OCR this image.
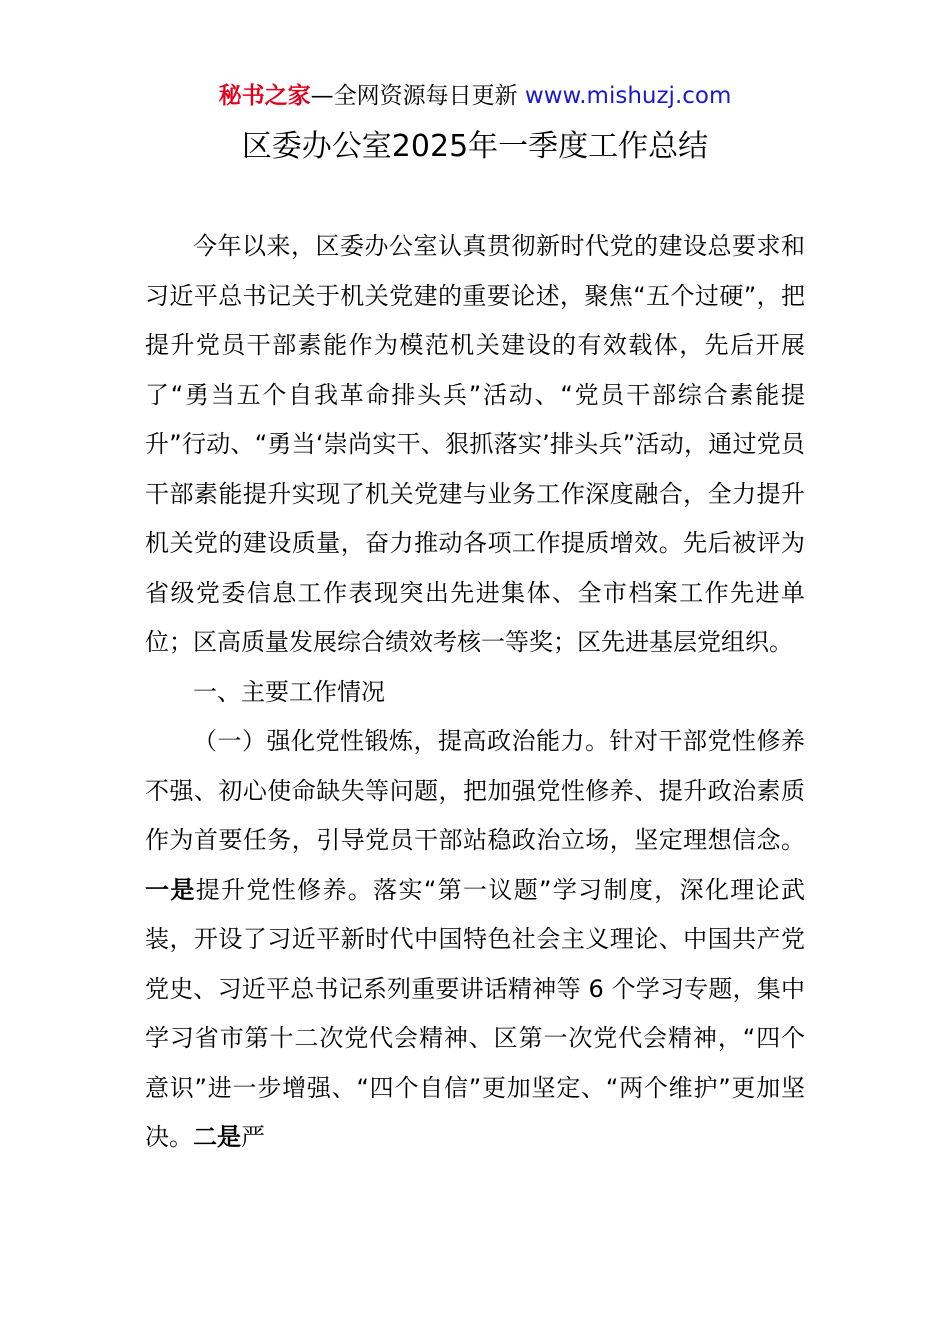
秘书之家—全网资源每日更新 www.mishuzj.com
区委办公室2025年一季度工作总结

今年以来，区委办公室认真贯彻新时代党的建设总要求和习近平总书记关于机关党建的重要论述，聚焦“五个过硬”，把提升党员干部素能作为模范机关建设的有效载体，先后开展了“勇当五个自我革命排头兵”活动、“党员干部综合素能提升”行动、“勇当‘崇尚实干、狠抓落实’排头兵”活动，通过党员干部素能提升实现了机关党建与业务工作深度融合，全力提升机关党的建设质量，奋力推动各项工作提质增效。先后被评为省级党委信息工作表现突出先进集体、全市档案工作先进单位；区高质量发展综合绩效考核一等奖；区先进基层党组织。

一、主要工作情况

（一）强化党性锻炼，提高政治能力。针对干部党性修养不强、初心使命缺失等问题，把加强党性修养、提升政治素质作为首要任务，引导党员干部站稳政治立场，坚定理想信念。一是提升党性修养。落实“第一议题”学习制度，深化理论武装，开设了习近平新时代中国特色社会主义理论、中国共产党党史、习近平总书记系列重要讲话精神等 6 个学习专题，集中学习省市第十二次党代会精神、区第一次党代会精神，“四个意识”进一步增强、“四个自信”更加坚定、“两个维护”更加坚决。二是严
